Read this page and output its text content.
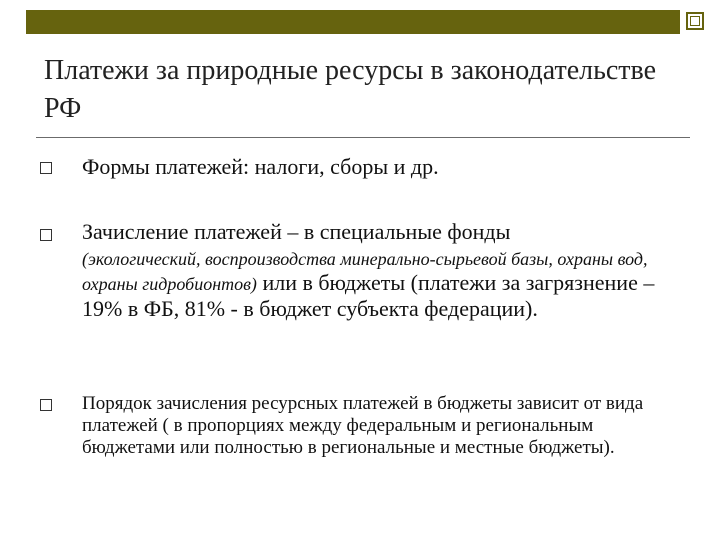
Платежи за природные ресурсы в законодательстве РФ
Формы платежей: налоги, сборы и др.
Зачисление платежей – в специальные фонды
(экологический, воспроизводства минерально-сырьевой базы, охраны вод, охраны гидробионтов) или в бюджеты (платежи за загрязнение – 19% в ФБ, 81% - в бюджет субъекта федерации).
Порядок зачисления ресурсных платежей в бюджеты зависит от вида платежей ( в пропорциях между федеральным и региональным бюджетами или полностью в региональные и местные бюджеты).
